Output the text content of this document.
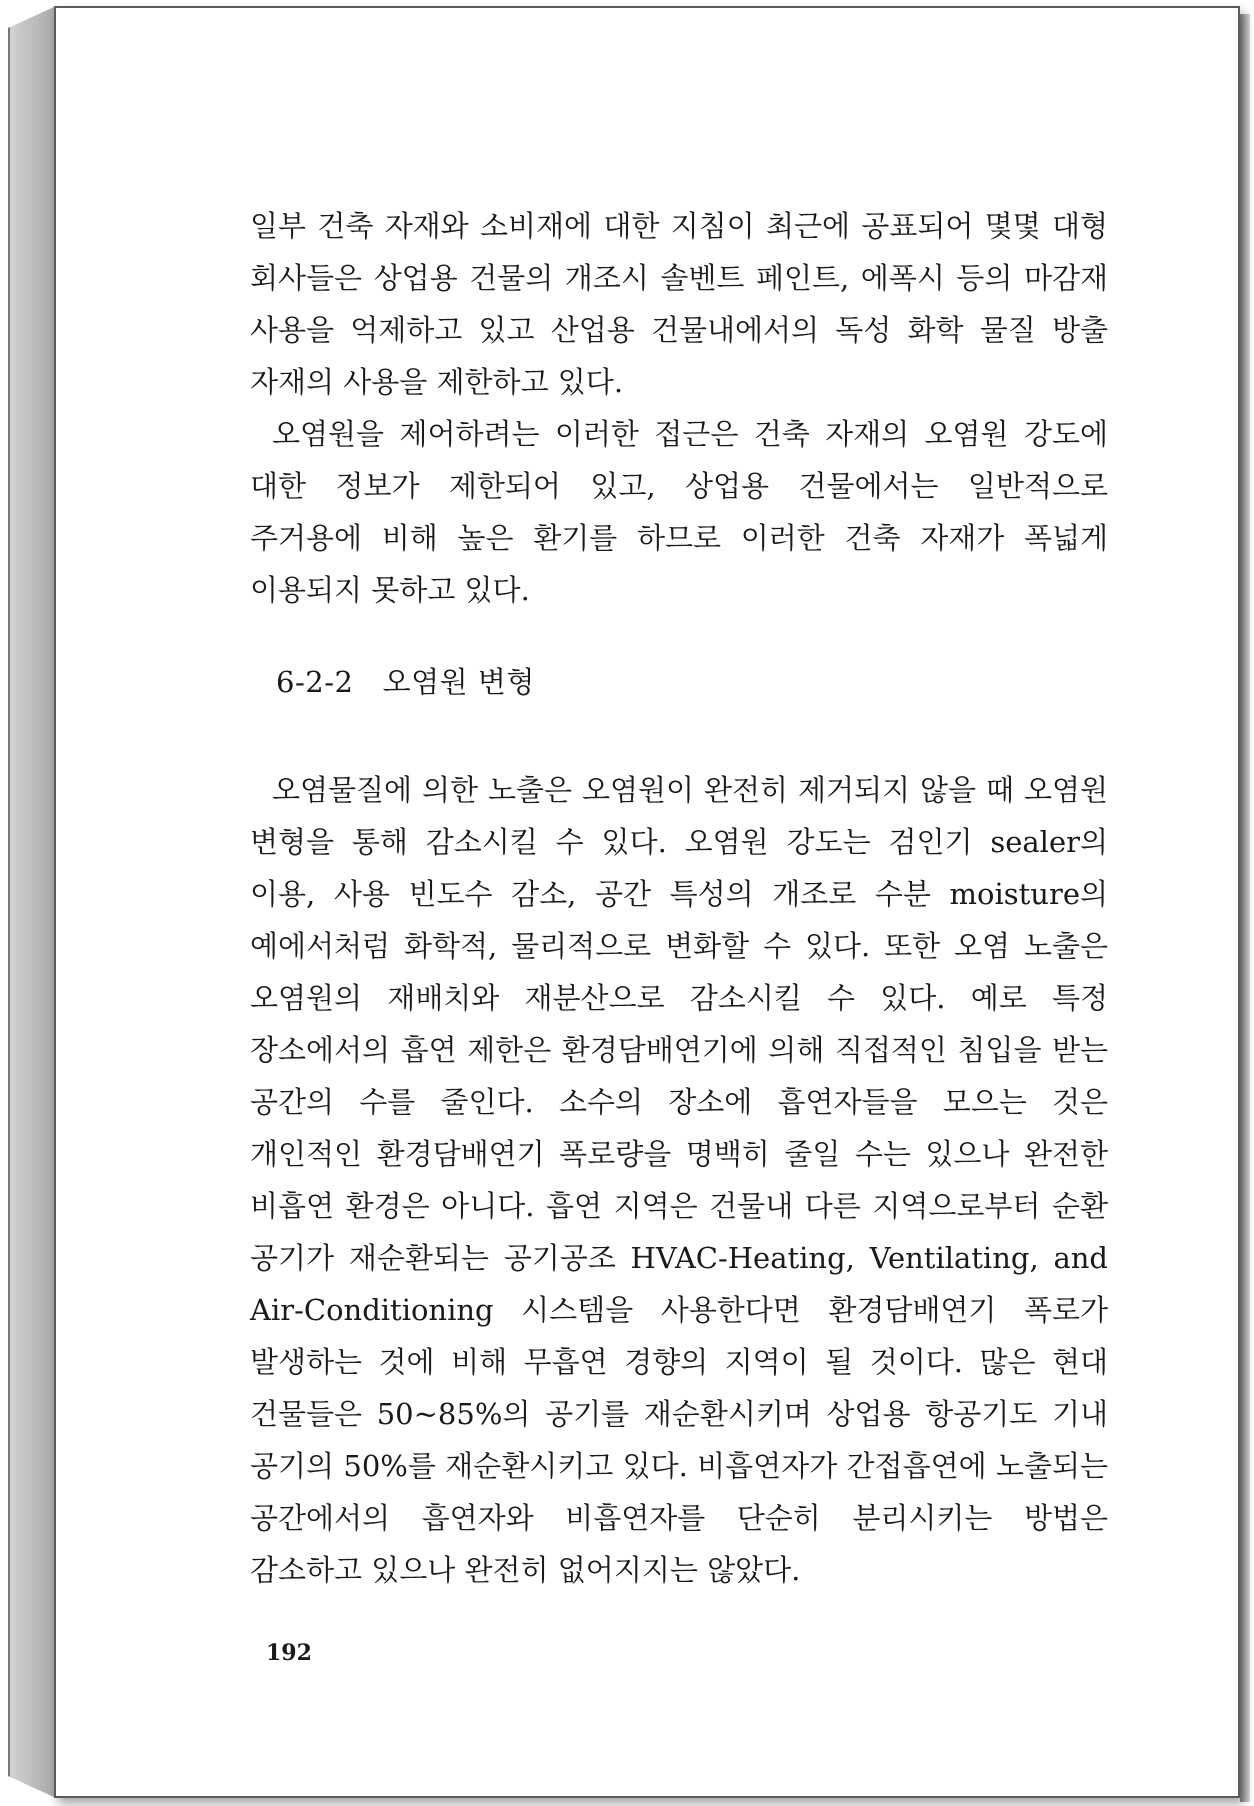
일부 건축 자재와 소비재에 대한 지침이 최근에 공표되어 몇몇 대형 회사들은 상업용 건물의 개조시 솔벤트 페인트, 에폭시 등의 마감재 사용을 억제하고 있고 산업용 건물내에서의 독성 화학 물질 방출 자재의 사용을 제한하고 있다.

오염원을 제어하려는 이러한 접근은 건축 자재의 오염원 강도에 대한 정보가 제한되어 있고, 상업용 건물에서는 일반적으로 주거용에 비해 높은 환기를 하므로 이러한 건축 자재가 폭넓게 이용되지 못하고 있다.

6-2-2 오염원 변형

오염물질에 의한 노출은 오염원이 완전히 제거되지 않을 때 오염원 변형을 통해 감소시킬 수 있다. 오염원 강도는 검인기 sealer의 이용, 사용 빈도수 감소, 공간 특성의 개조로 수분 moisture의 예에서처럼 화학적, 물리적으로 변화할 수 있다. 또한 오염 노출은 오염원의 재배치와 재분산으로 감소시킬 수 있다. 예로 특정 장소에서의 흡연 제한은 환경담배연기에 의해 직접적인 침입을 받는 공간의 수를 줄인다. 소수의 장소에 흡연자들을 모으는 것은 개인적인 환경담배연기 폭로량을 명백히 줄일 수는 있으나 완전한 비흡연 환경은 아니다. 흡연 지역은 건물내 다른 지역으로부터 순환 공기가 재순환되는 공기공조 HVAC-Heating, Ventilating, and Air-Conditioning 시스템을 사용한다면 환경담배연기 폭로가 발생하는 것에 비해 무흡연 경향의 지역이 될 것이다. 많은 현대 건물들은 50~85%의 공기를 재순환시키며 상업용 항공기도 기내 공기의 50%를 재순환시키고 있다. 비흡연자가 간접흡연에 노출되는 공간에서의 흡연자와 비흡연자를 단순히 분리시키는 방법은 감소하고 있으나 완전히 없어지지는 않았다.

192
